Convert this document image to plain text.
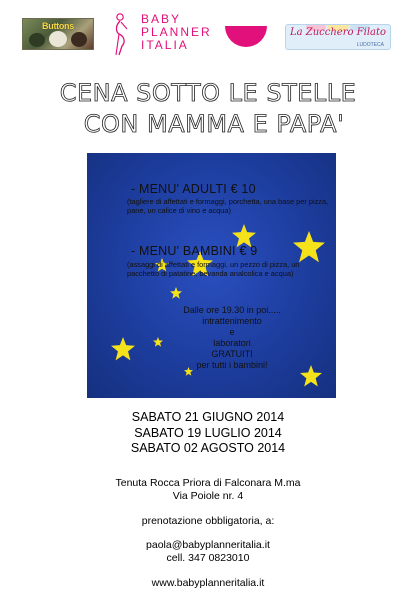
Buttons	BABY
PLANNER
ITALIA
La Zucchero Filato
LUDOTECA
CENA SOTTO LE STELLE
CON MAMMA E PAPA'
- MENU' ADULTI € 10
(tagliere di affettati e formaggi, porchetta, una base per pizza, pane, un calice di vino e acqua)
- MENU' BAMBINI € 9
(assaggi di affettati e formaggi, un pezzo di pizza, un pacchetto di patatine, bevanda analcolica e acqua)
Dalle ore 19.30 in poi.....
intrattenimento
e
laboratori
GRATUITI
per tutti i bambini!
SABATO 21 GIUGNO 2014
SABATO 19 LUGLIO 2014
SABATO 02 AGOSTO 2014
Tenuta Rocca Priora di Falconara M.ma
Via Poiole nr. 4
prenotazione obbligatoria, a:
paola@babyplanneritalia.it
cell. 347 0823010
www.babyplanneritalia.it
